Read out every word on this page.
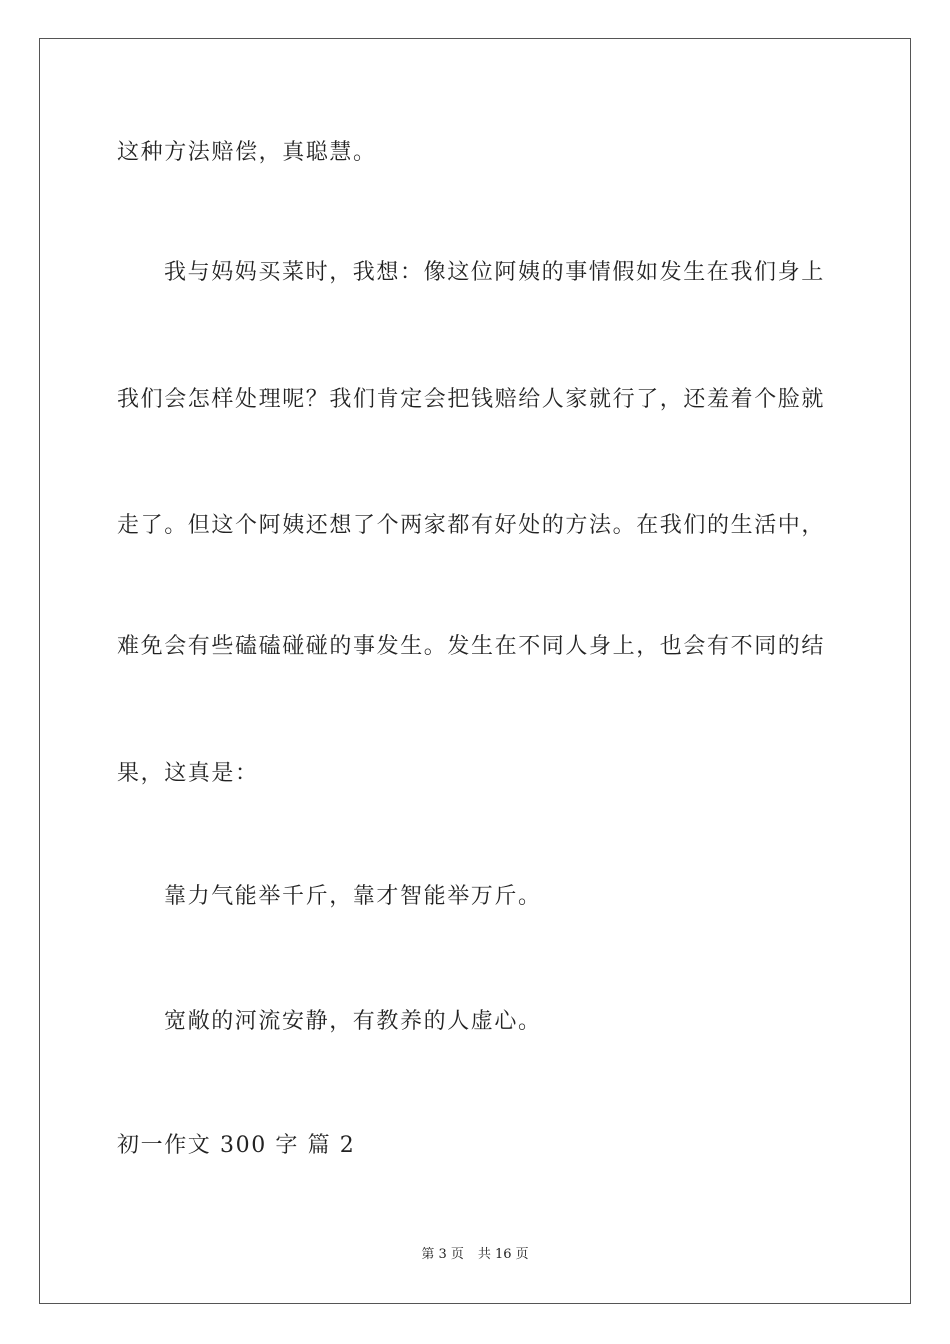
这种方法赔偿，真聪慧。
我与妈妈买菜时，我想：像这位阿姨的事情假如发生在我们身上
我们会怎样处理呢？我们肯定会把钱赔给人家就行了，还羞着个脸就
走了。但这个阿姨还想了个两家都有好处的方法。在我们的生活中，
难免会有些磕磕碰碰的事发生。发生在不同人身上，也会有不同的结
果，这真是：
靠力气能举千斤，靠才智能举万斤。
宽敞的河流安静，有教养的人虚心。
初一作文 300 字 篇 2
第 3 页 共 16 页
